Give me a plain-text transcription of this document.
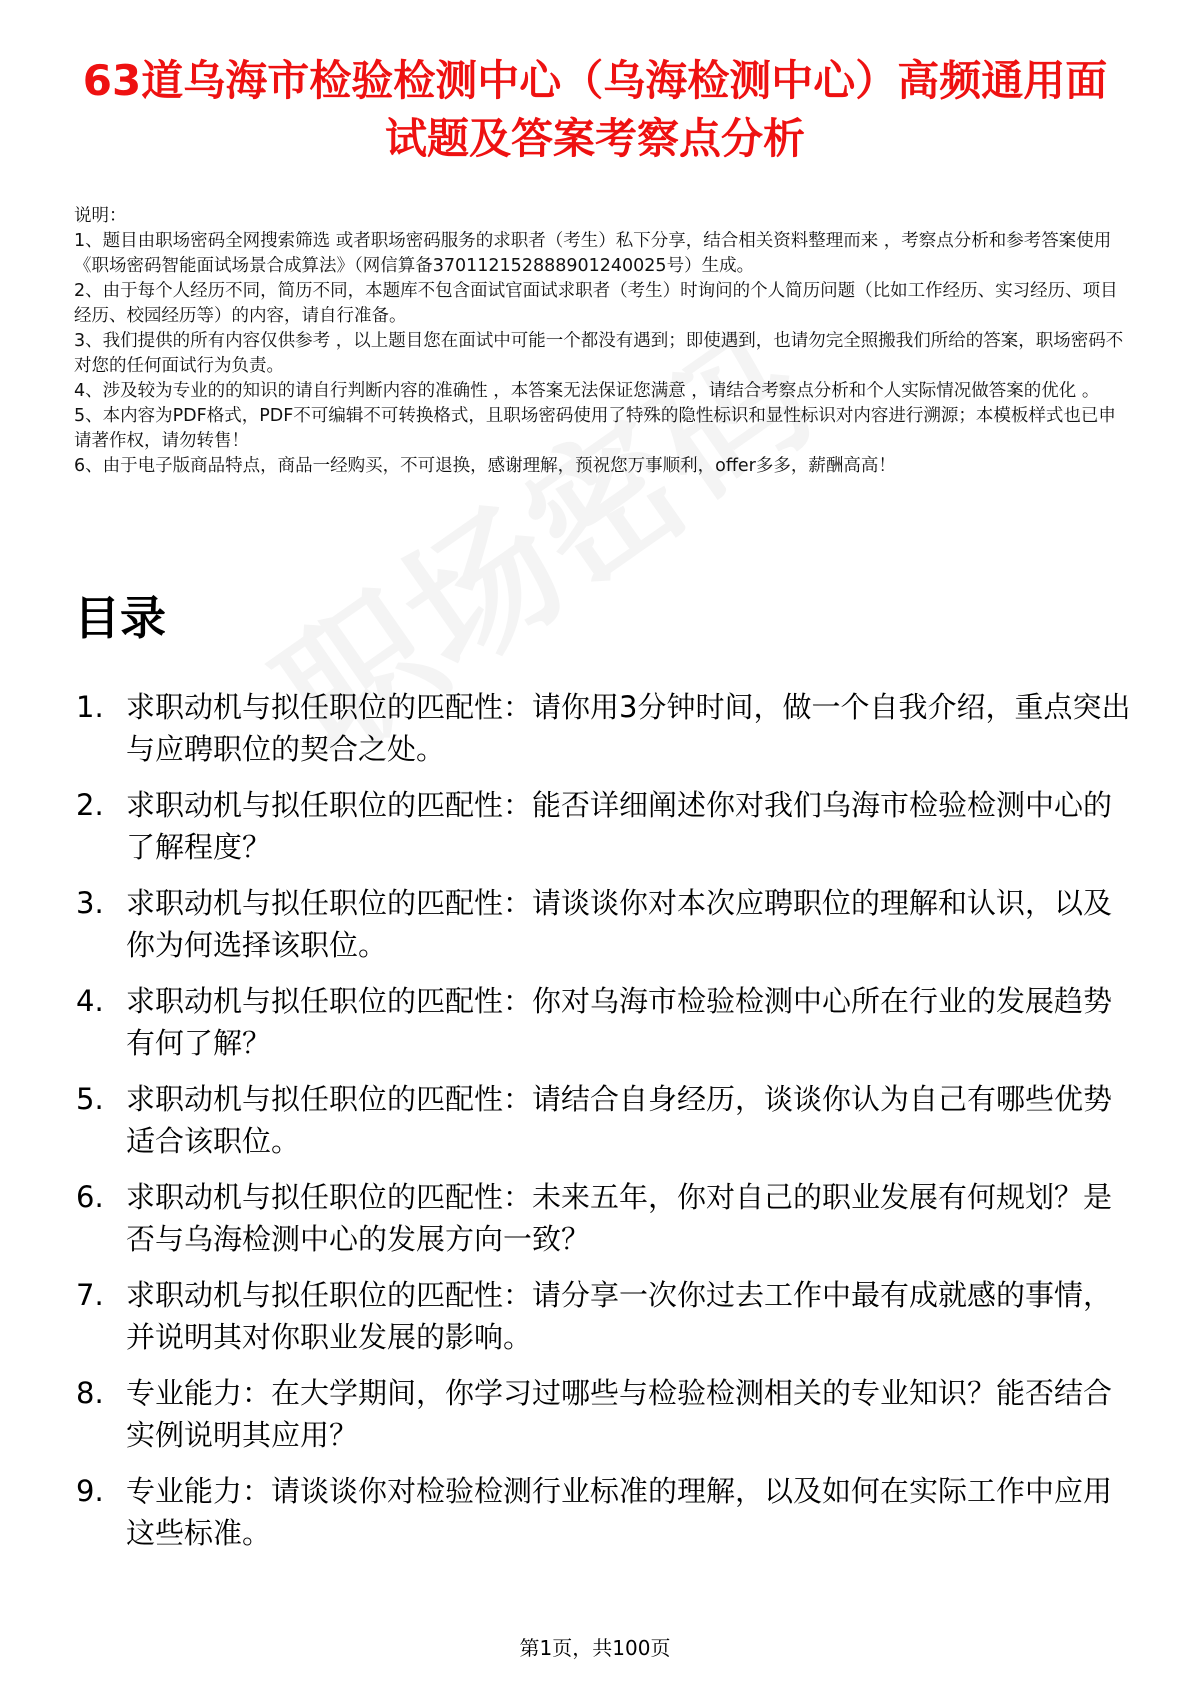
63道乌海市检验检测中心（乌海检测中心）高频通用面试题及答案考察点分析

说明：

1、题目由职场密码全网搜索筛选 或者职场密码服务的求职者（考生）私下分享，结合相关资料整理而来 ，考察点分析和参考答案使用《职场密码智能面试场景合成算法》（网信算备370112152888901240025号）生成。

2、由于每个人经历不同，简历不同，本题库不包含面试官面试求职者（考生）时询问的个人简历问题（比如工作经历、实习经历、项目经历、校园经历等）的内容，请自行准备。

3、我们提供的所有内容仅供参考 ，以上题目您在面试中可能一个都没有遇到；即使遇到，也请勿完全照搬我们所给的答案，职场密码不对您的任何面试行为负责。

4、涉及较为专业的的知识的请自行判断内容的准确性 ，本答案无法保证您满意 ，请结合考察点分析和个人实际情况做答案的优化 。

5、本内容为PDF格式，PDF不可编辑不可转换格式，且职场密码使用了特殊的隐性标识和显性标识对内容进行溯源；本模板样式也已申请著作权，请勿转售！

6、由于电子版商品特点，商品一经购买，不可退换，感谢理解，预祝您万事顺利，offer多多，薪酬高高！

目录
1. 求职动机与拟任职位的匹配性：请你用3分钟时间，做一个自我介绍，重点突出与应聘职位的契合之处。
2. 求职动机与拟任职位的匹配性：能否详细阐述你对我们乌海市检验检测中心的了解程度？
3. 求职动机与拟任职位的匹配性：请谈谈你对本次应聘职位的理解和认识，以及你为何选择该职位。
4. 求职动机与拟任职位的匹配性：你对乌海市检验检测中心所在行业的发展趋势有何了解？
5. 求职动机与拟任职位的匹配性：请结合自身经历，谈谈你认为自己有哪些优势适合该职位。
6. 求职动机与拟任职位的匹配性：未来五年，你对自己的职业发展有何规划？是否与乌海检测中心的发展方向一致？
7. 求职动机与拟任职位的匹配性：请分享一次你过去工作中最有成就感的事情，并说明其对你职业发展的影响。
8. 专业能力：在大学期间，你学习过哪些与检验检测相关的专业知识？能否结合实例说明其应用？
9. 专业能力：请谈谈你对检验检测行业标准的理解，以及如何在实际工作中应用这些标准。
第1页，共100页
